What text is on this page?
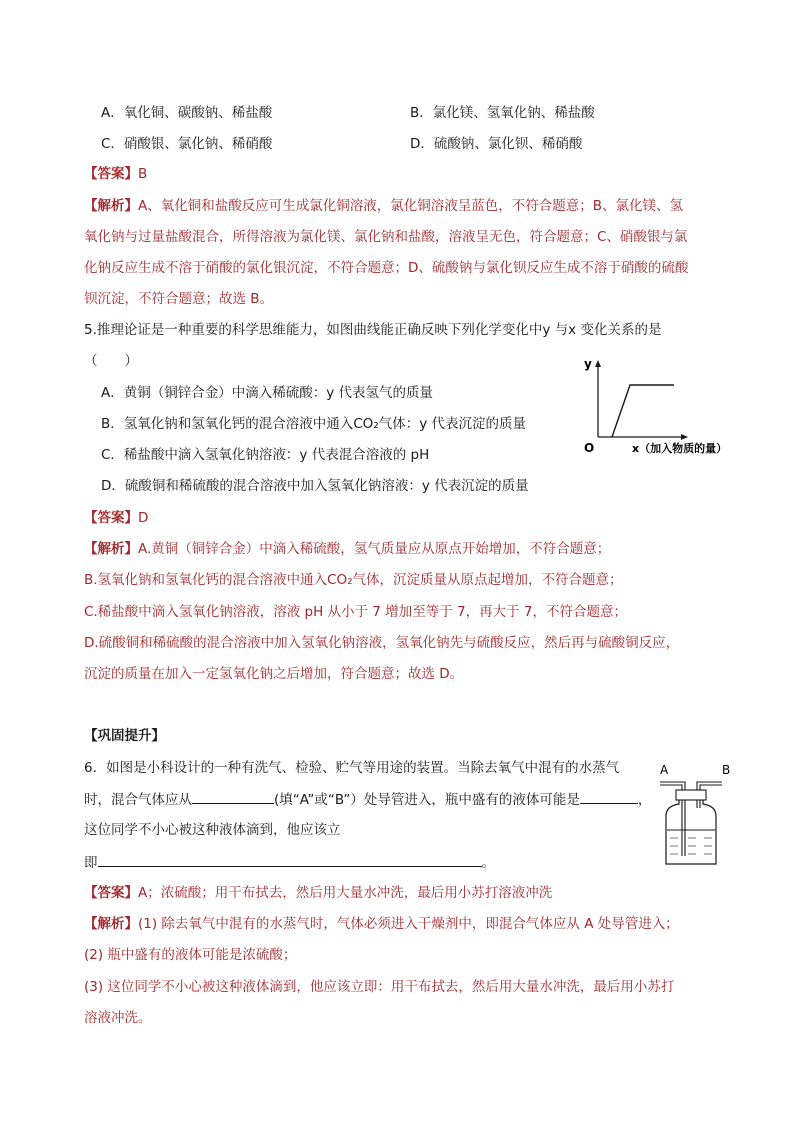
A．氧化铜、碳酸钠、稀盐酸	B．氯化镁、氢氧化钠、稀盐酸
C．硝酸银、氯化钠、稀硝酸	D．硫酸钠、氯化钡、稀硝酸
【答案】B
【解析】A、氧化铜和盐酸反应可生成氯化铜溶液，氯化铜溶液呈蓝色，不符合题意；B、氯化镁、氢
氧化钠与过量盐酸混合，所得溶液为氯化镁、氯化钠和盐酸，溶液呈无色，符合题意；C、硝酸银与氯
化钠反应生成不溶于硝酸的氯化银沉淀，不符合题意；D、硫酸钠与氯化钡反应生成不溶于硝酸的硫酸
钡沉淀，不符合题意；故选 B。
5.推理论证是一种重要的科学思维能力，如图曲线能正确反映下列化学变化中y 与x 变化关系的是
（　　）
A．黄铜（铜锌合金）中滴入稀硫酸：y 代表氢气的质量
B．氢氧化钠和氢氧化钙的混合溶液中通入CO₂气体：y 代表沉淀的质量
C．稀盐酸中滴入氢氧化钠溶液：y 代表混合溶液的 pH
D．硫酸铜和稀硫酸的混合溶液中加入氢氧化钠溶液：y 代表沉淀的质量
y
O	x（加入物质的量）
【答案】D
【解析】A.黄铜（铜锌合金）中滴入稀硫酸，氢气质量应从原点开始增加，不符合题意；
B.氢氧化钠和氢氧化钙的混合溶液中通入CO₂气体，沉淀质量从原点起增加，不符合题意；
C.稀盐酸中滴入氢氧化钠溶液，溶液 pH 从小于 7 增加至等于 7，再大于 7，不符合题意；
D.硫酸铜和稀硫酸的混合溶液中加入氢氧化钠溶液，氢氧化钠先与硫酸反应，然后再与硫酸铜反应，
沉淀的质量在加入一定氢氧化钠之后增加，符合题意；故选 D。
【巩固提升】
6．如图是小科设计的一种有洗气、检验、贮气等用途的装置。当除去氧气中混有的水蒸气
时，混合气体应从	(填“A”或“B”）处导管进入，瓶中盛有的液体可能是	，
这位同学不小心被这种液体滴到，他应该立
即	。
A	B
【答案】A；浓硫酸；用干布拭去，然后用大量水冲洗，最后用小苏打溶液冲洗
【解析】(1) 除去氧气中混有的水蒸气时，气体必须进入干燥剂中，即混合气体应从 A 处导管进入；
(2) 瓶中盛有的液体可能是浓硫酸；
(3) 这位同学不小心被这种液体滴到，他应该立即：用干布拭去，然后用大量水冲洗，最后用小苏打
溶液冲洗。
